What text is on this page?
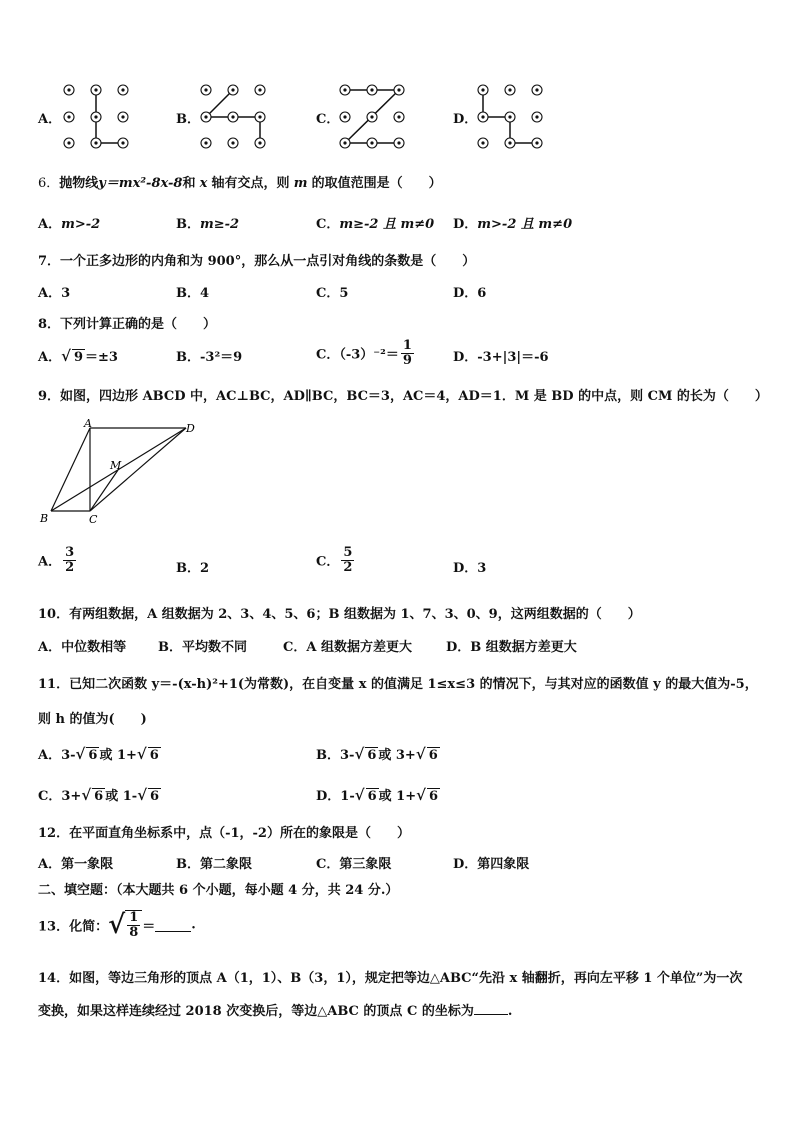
A．	B．	C．	D．
6．抛物线y＝mx²-8x-8和 x 轴有交点，则 m 的取值范围是（　　）
A．m>-2	B．m≥-2	C．m≥-2 且 m≠0 D．m>-2 且 m≠0
7．一个正多边形的内角和为 900°，那么从一点引对角线的条数是（　　）
A．3	B．4	C．5	D．6
8．下列计算正确的是（　　）
A．√ 9 ＝±3	B．-3²＝9	C．$(-3)^{-2}= \frac{1}{9}$	D．-3+|3|＝-6
9．如图，四边形 ABCD 中，AC⊥BC，AD∥BC，BC＝3，AC＝4，AD＝1．M 是 BD 的中点，则 CM 的长为（　　）
A	D
M
B	C
A． $\frac{3}{2}$	B．2	C． $\frac{5}{2}$	D．3
10．有两组数据，A 组数据为 2、3、4、5、6；B 组数据为 1、7、3、0、9，这两组数据的（　　）
A．中位数相等 B．平均数不同	C．A 组数据方差更大	D．B 组数据方差更大
11．已知二次函数 y＝-(x-h)²+1(为常数)，在自变量 x 的值满足 1≤x≤3 的情况下，与其对应的函数值 y 的最大值为-5，
则 h 的值为(　　)
A．3-√ 6 或 1+√ 6	B．3-√ 6 或 3+√ 6
C．3+√ 6 或 1-√ 6	D．1-√ 6 或 1+√ 6
12．在平面直角坐标系中，点（-1，-2）所在的象限是（　　）
A．第一象限	B．第二象限	C．第三象限	D．第四象限
二、填空题：（本大题共 6 个小题，每小题 4 分，共 24 分.）
13．化简：√ $\frac{1}{8}$ ＝	.
14．如图，等边三角形的顶点 A（1，1）、B（3，1），规定把等边△ABC“先沿 x 轴翻折，再向左平移 1 个单位”为一次
变换，如果这样连续经过 2018 次变换后，等边△ABC 的顶点 C 的坐标为	.
